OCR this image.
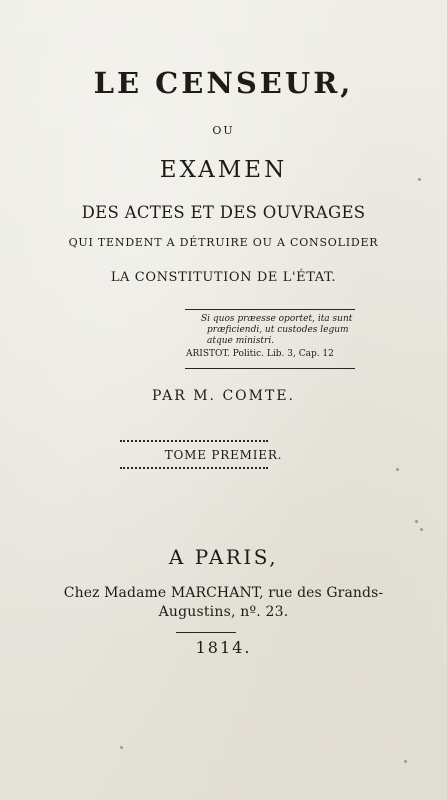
LE CENSEUR,
OU
EXAMEN
DES ACTES ET DES OUVRAGES
QUI TENDENT A DÉTRUIRE OU A CONSOLIDER
LA CONSTITUTION DE L'ÉTAT.
Si quos præesse oportet, ita sunt
præficiendi, ut custodes legum
atque ministri.
ARISTOT. Politic. Lib. 3, Cap. 12
PAR M. COMTE.
TOME PREMIER.
A PARIS,
Chez Madame MARCHANT, rue des Grands-
Augustins, nº. 23.
1814.
